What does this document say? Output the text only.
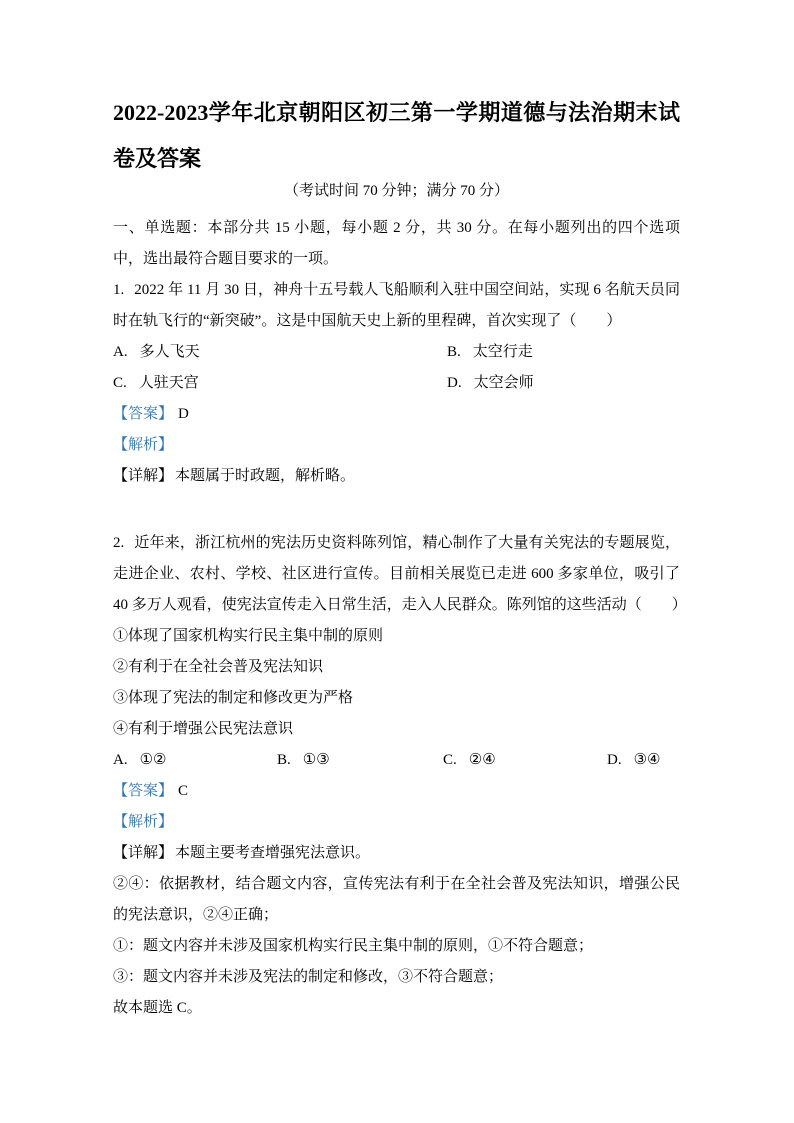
2022-2023学年北京朝阳区初三第一学期道德与法治期末试卷及答案

（考试时间 70 分钟；满分 70 分）

一、单选题：本部分共 15 小题，每小题 2 分，共 30 分。在每小题列出的四个选项中，选出最符合题目要求的一项。

1. 2022 年 11 月 30 日，神舟十五号载人飞船顺利入驻中国空间站，实现 6 名航天员同时在轨飞行的“新突破”。这是中国航天史上新的里程碑，首次实现了（　　）

A. 多人飞天	B. 太空行走
C. 人驻天宫	D. 太空会师

【答案】 D

【解析】

【详解】 本题属于时政题，解析略。

2. 近年来，浙江杭州的宪法历史资料陈列馆，精心制作了大量有关宪法的专题展览，走进企业、农村、学校、社区进行宣传。目前相关展览已走进 600 多家单位，吸引了 40 多万人观看，使宪法宣传走入日常生活，走入人民群众。陈列馆的这些活动（　　）

①体现了国家机构实行民主集中制的原则

②有利于在全社会普及宪法知识

③体现了宪法的制定和修改更为严格

④有利于增强公民宪法意识

A. ①②	B. ①③	C. ②④	D. ③④

【答案】 C

【解析】

【详解】 本题主要考查增强宪法意识。

②④：依据教材，结合题文内容，宣传宪法有利于在全社会普及宪法知识，增强公民的宪法意识，②④正确；

①：题文内容并未涉及国家机构实行民主集中制的原则，①不符合题意；

③：题文内容并未涉及宪法的制定和修改，③不符合题意；

故本题选 C。
